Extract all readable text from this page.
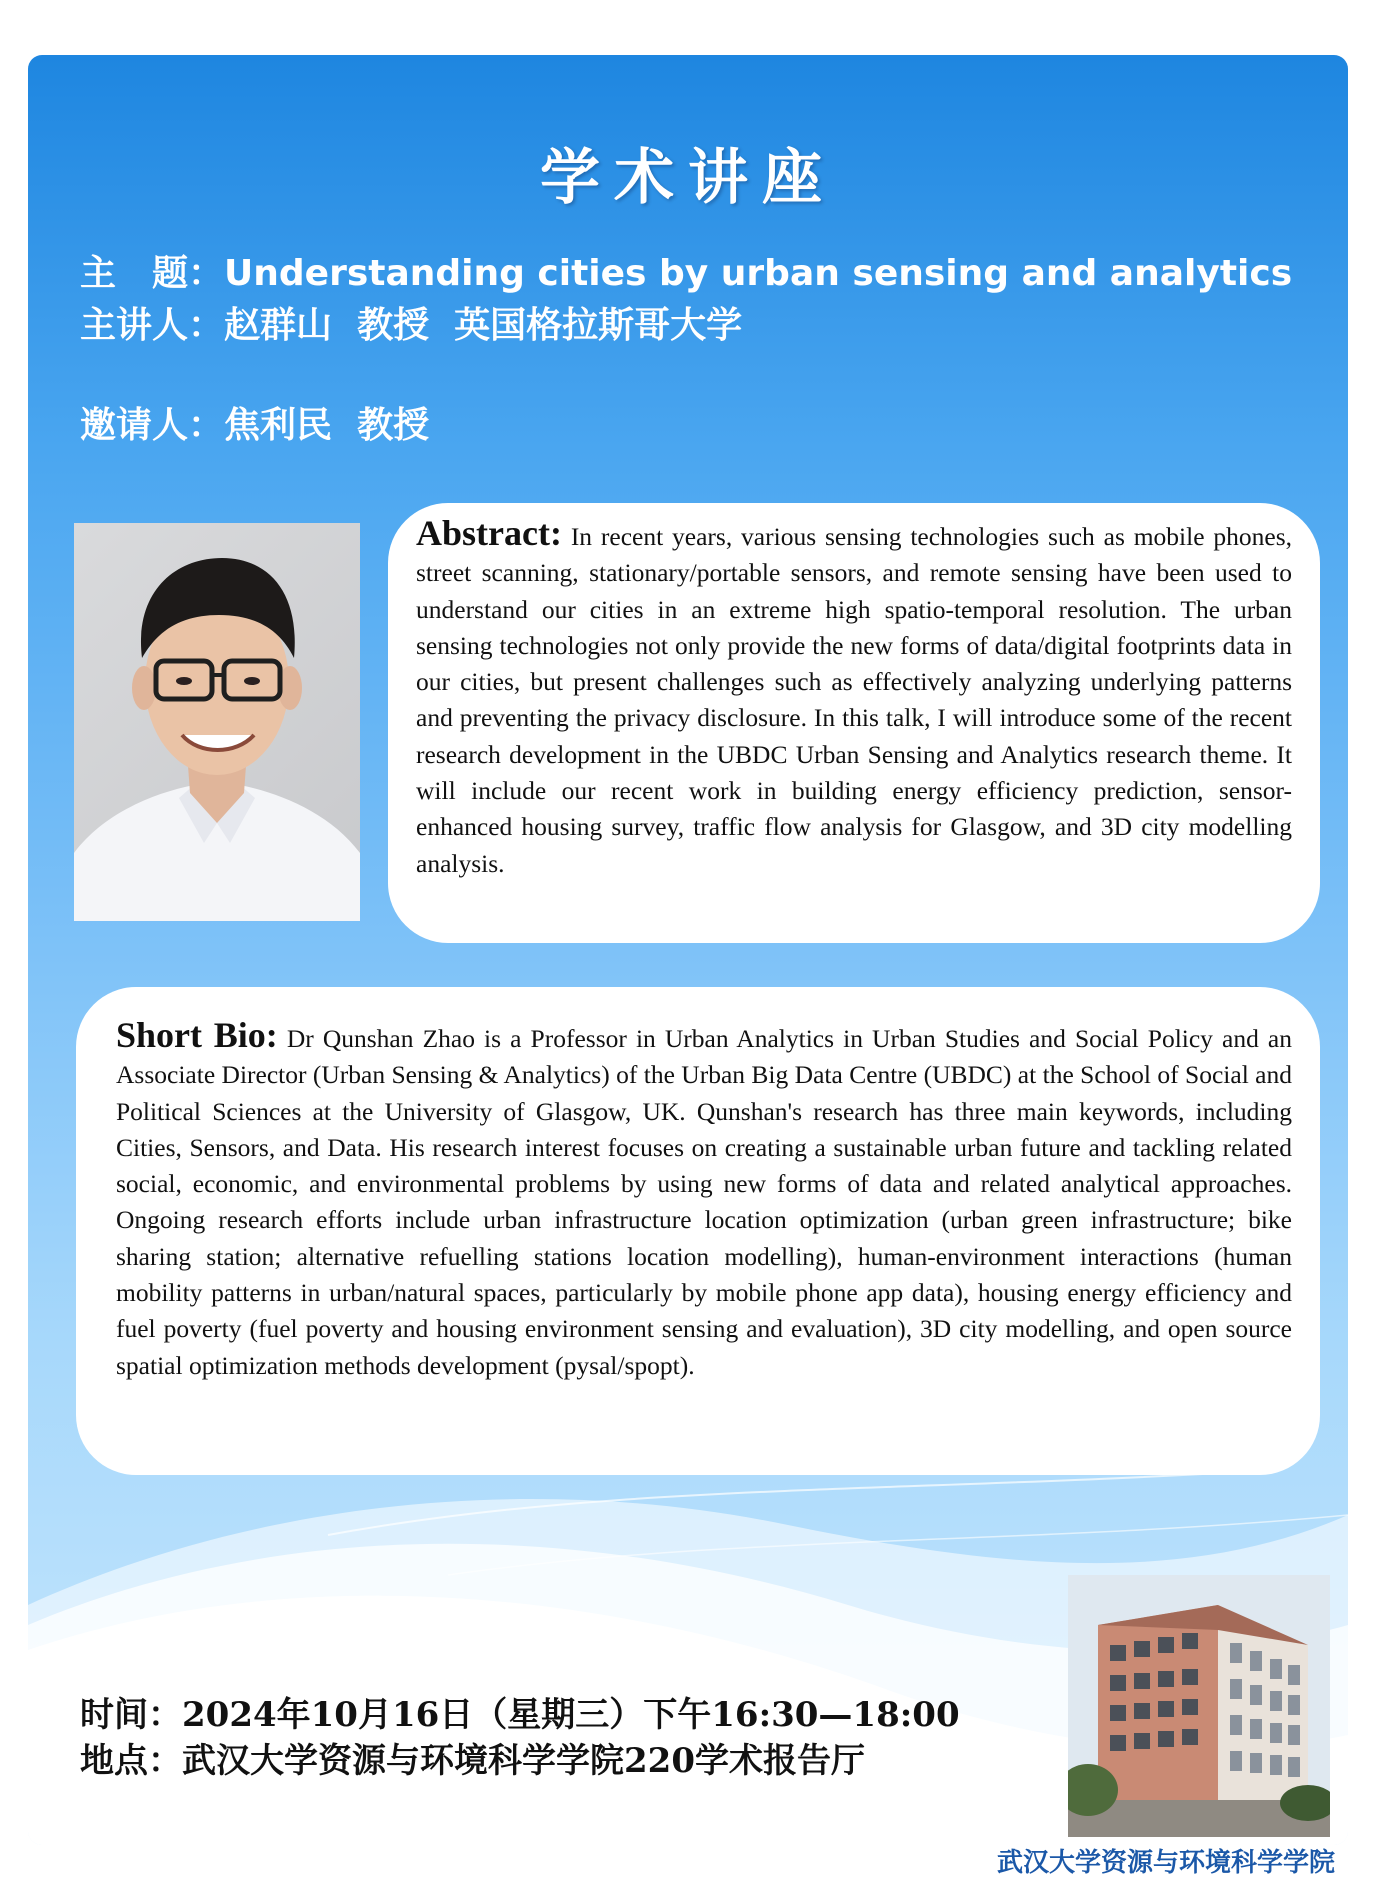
学术讲座
主　题：Understanding cities by urban sensing and analytics
主讲人：赵群山  教授  英国格拉斯哥大学
邀请人：焦利民  教授
Abstract: In recent years, various sensing technologies such as mobile phones, street scanning, stationary/portable sensors, and remote sensing have been used to understand our cities in an extreme high spatio-temporal resolution. The urban sensing technologies not only provide the new forms of data/digital footprints data in our cities, but present challenges such as effectively analyzing underlying patterns and preventing the privacy disclosure. In this talk, I will introduce some of the recent research development in the UBDC Urban Sensing and Analytics research theme. It will include our recent work in building energy efficiency prediction, sensor-enhanced housing survey, traffic flow analysis for Glasgow, and 3D city modelling analysis.
Short Bio: Dr Qunshan Zhao is a Professor in Urban Analytics in Urban Studies and Social Policy and an Associate Director (Urban Sensing & Analytics) of the Urban Big Data Centre (UBDC) at the School of Social and Political Sciences at the University of Glasgow, UK. Qunshan's research has three main keywords, including Cities, Sensors, and Data. His research interest focuses on creating a sustainable urban future and tackling related social, economic, and environmental problems by using new forms of data and related analytical approaches. Ongoing research efforts include urban infrastructure location optimization (urban green infrastructure; bike sharing station; alternative refuelling stations location modelling), human-environment interactions (human mobility patterns in urban/natural spaces, particularly by mobile phone app data), housing energy efficiency and fuel poverty (fuel poverty and housing environment sensing and evaluation), 3D city modelling, and open source spatial optimization methods development (pysal/spopt).
时间：2024年10月16日（星期三）下午16:30—18:00
地点：武汉大学资源与环境科学学院220学术报告厅
武汉大学资源与环境科学学院
